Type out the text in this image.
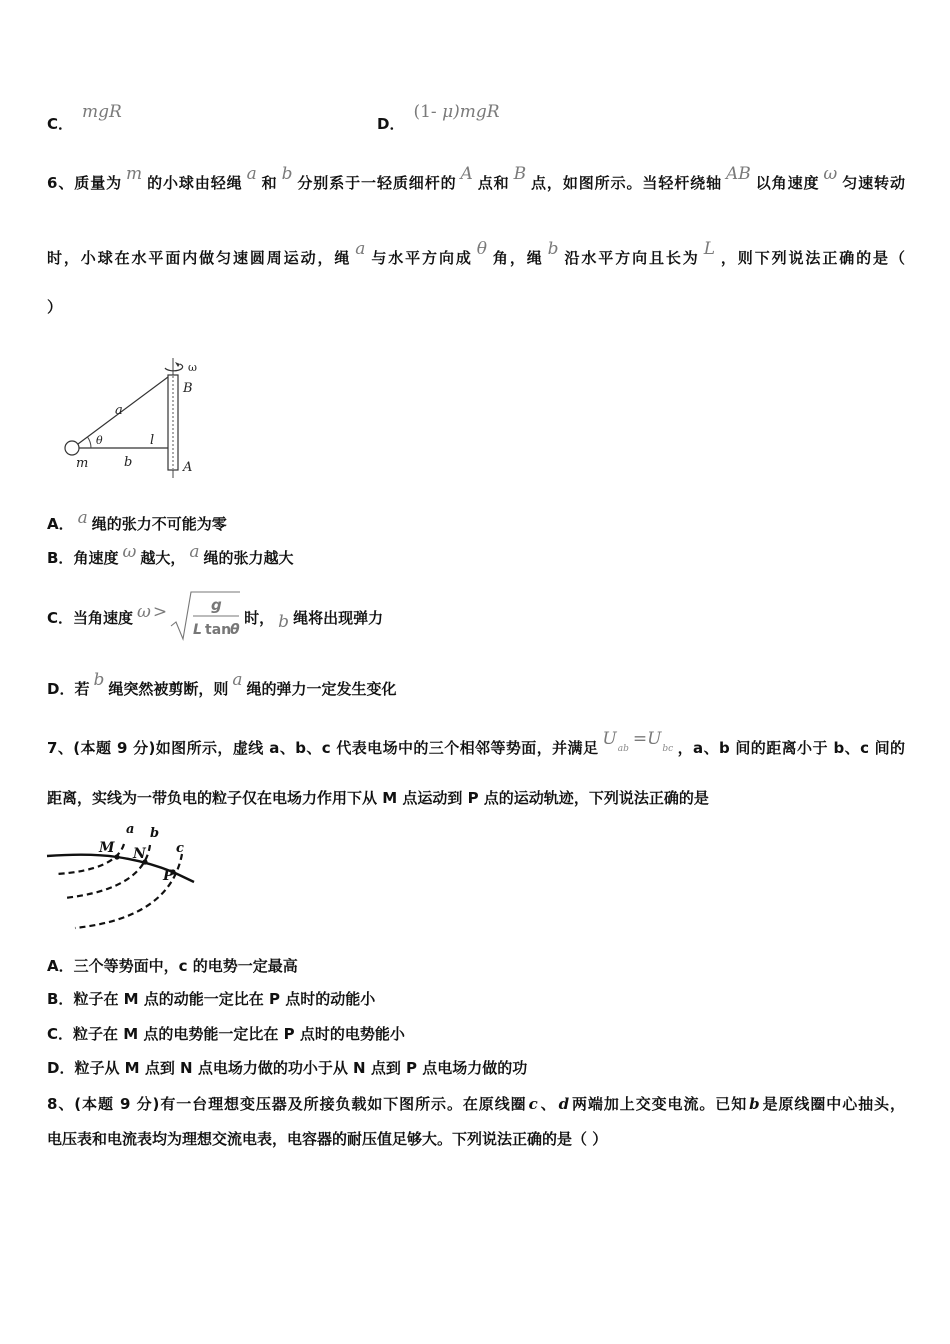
C．mgR
D．(1- μ)mgR
6、质量为 m 的小球由轻绳 a 和 b 分别系于一轻质细杆的 A 点和 B 点，如图所示。当轻杆绕轴 AB 以角速度 ω 匀速转动
时，小球在水平面内做匀速圆周运动，绳 a 与水平方向成 θ 角，绳 b 沿水平方向且长为 L ，则下列说法正确的是（
）
ω
B
a
θ	l
m	b	A
A． a 绳的张力不可能为零
B．角速度 ω 越大， a 绳的张力越大
C．当角速度 ω >	g
L tan
θ
时， b 绳将出现弹力
D．若 b 绳突然被剪断，则 a 绳的弹力一定发生变化
7、(本题 9 分)如图所示，虚线 a、b、c 代表电场中的三个相邻等势面，并满足 Uab =Ubc ，a、b 间的距离小于 b、c 间的
距离，实线为一带负电的粒子仅在电场力作用下从 M 点运动到 P 点的运动轨迹，下列说法正确的是
a b
c
M N
P
A．三个等势面中，c 的电势一定最高
B．粒子在 M 点的动能一定比在 P 点时的动能小
C．粒子在 M 点的电势能一定比在 P 点时的电势能小
D．粒子从 M 点到 N 点电场力做的功小于从 N 点到 P 点电场力做的功
8、(本题 9 分)有一台理想变压器及所接负载如下图所示。在原线圈 c 、 d 两端加上交变电流。已知 b 是原线圈中心抽头，
电压表和电流表均为理想交流电表，电容器的耐压值足够大。下列说法正确的是（ ）
